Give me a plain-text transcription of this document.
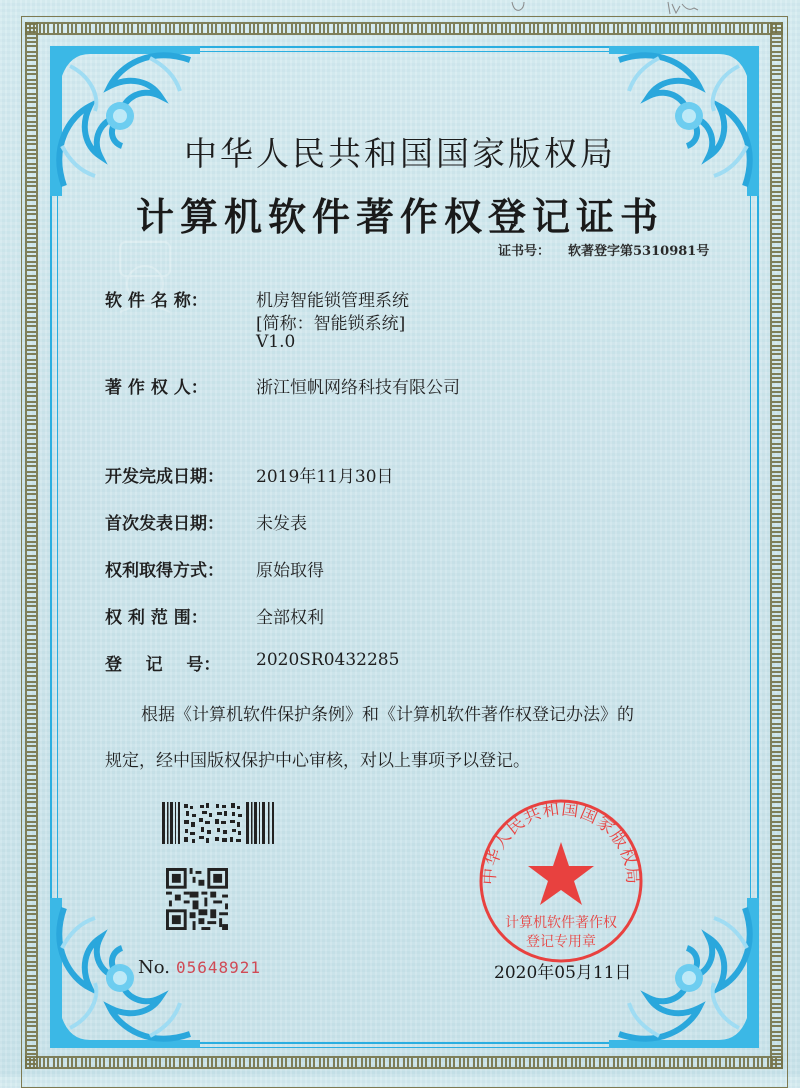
中华人民共和国国家版权局
计算机软件著作权登记证书
证书号： 软著登字第5310981号
软 件 名 称：	机房智能锁管理系统
[简称：智能锁系统]
V1.0
著 作 权 人：	浙江恒帆网络科技有限公司
开发完成日期： 2019年11月30日
首次发表日期： 未发表
权利取得方式： 原始取得
权 利 范 围：	全部权利
登    记    号： 2020SR0432285
根据《计算机软件保护条例》和《计算机软件著作权登记办法》的
规定，经中国版权保护中心审核，对以上事项予以登记。
No. 05648921
中华人民共和国国家版权局
计算机软件著作权
登记专用章
2020年05月11日
